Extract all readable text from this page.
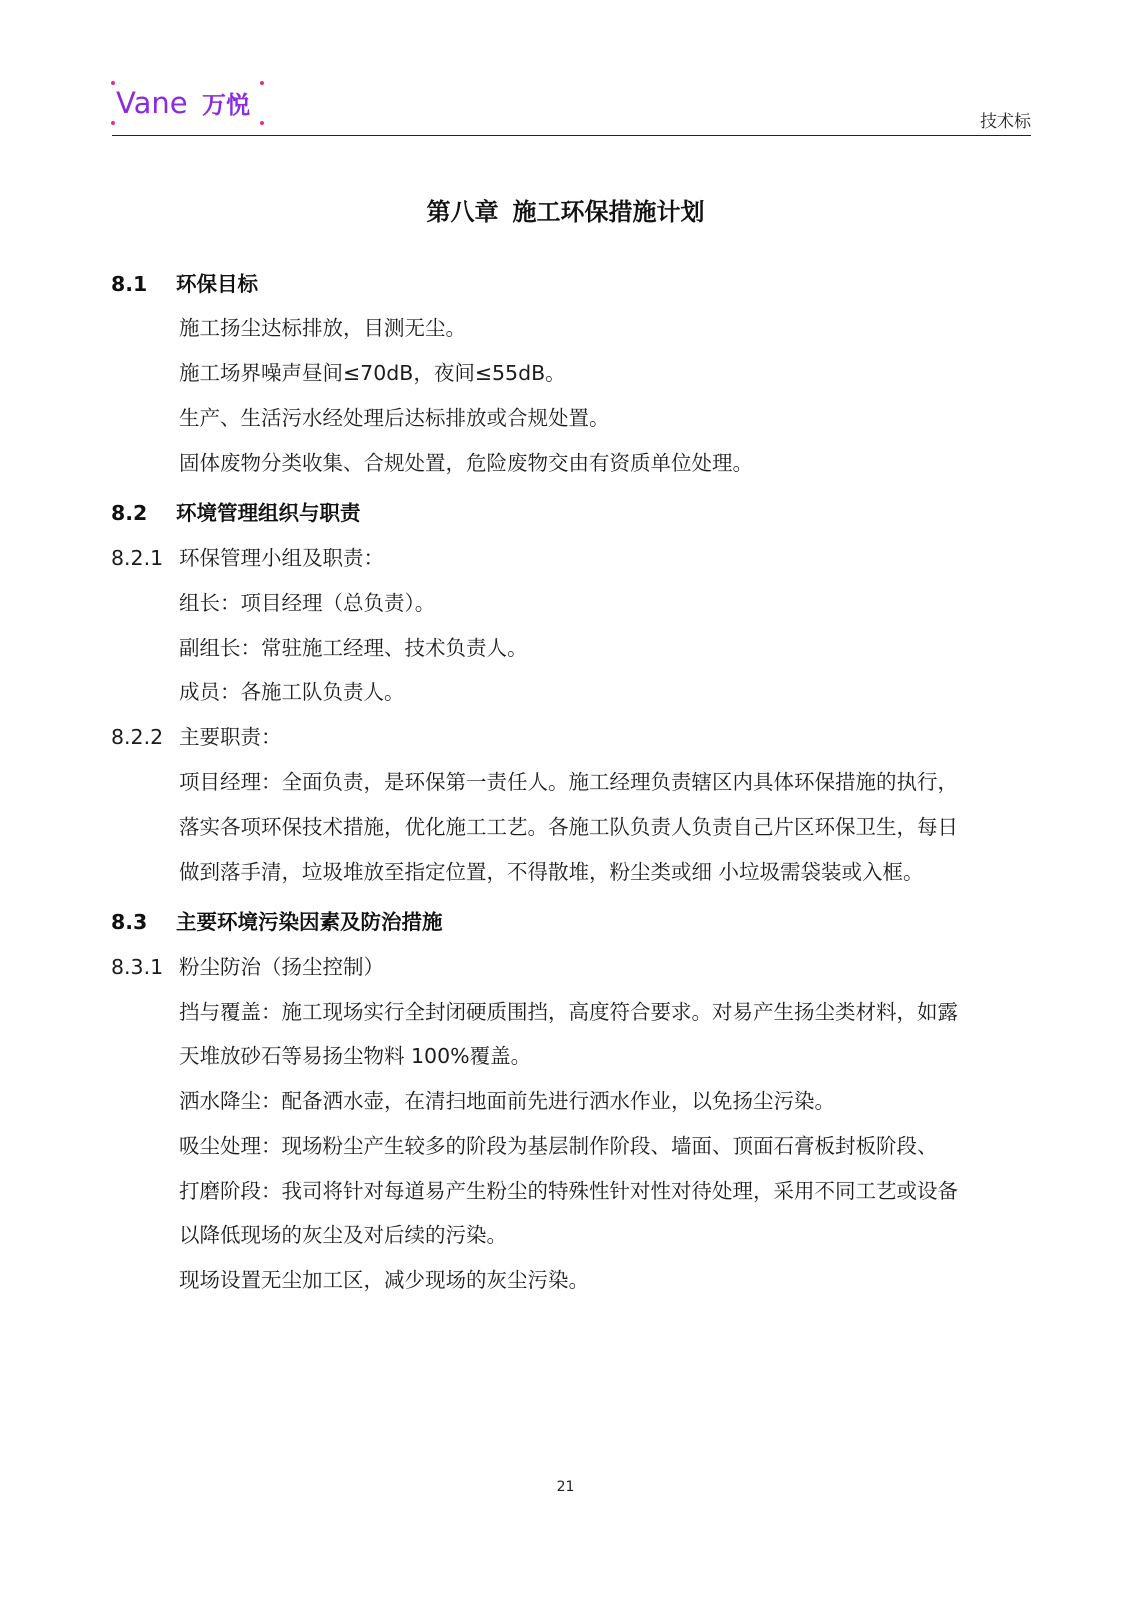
Vane 万悦
技术标
第八章 施工环保措施计划
8.1 环保目标
施工扬尘达标排放，目测无尘。
施工场界噪声昼间≤70dB，夜间≤55dB。
生产、生活污水经处理后达标排放或合规处置。
固体废物分类收集、合规处置，危险废物交由有资质单位处理。
8.2 环境管理组织与职责
8.2.1 环保管理小组及职责：
组长：项目经理（总负责）。
副组长：常驻施工经理、技术负责人。
成员：各施工队负责人。
8.2.2 主要职责：
项目经理：全面负责，是环保第一责任人。施工经理负责辖区内具体环保措施的执行，
落实各项环保技术措施，优化施工工艺。各施工队负责人负责自己片区环保卫生，每日
做到落手清，垃圾堆放至指定位置，不得散堆，粉尘类或细 小垃圾需袋装或入框。
8.3 主要环境污染因素及防治措施
8.3.1 粉尘防治（扬尘控制）
挡与覆盖：施工现场实行全封闭硬质围挡，高度符合要求。对易产生扬尘类材料，如露
天堆放砂石等易扬尘物料 100%覆盖。
洒水降尘：配备洒水壶，在清扫地面前先进行洒水作业，以免扬尘污染。
吸尘处理：现场粉尘产生较多的阶段为基层制作阶段、墙面、顶面石膏板封板阶段、
打磨阶段：我司将针对每道易产生粉尘的特殊性针对性对待处理，采用不同工艺或设备
以降低现场的灰尘及对后续的污染。
现场设置无尘加工区，减少现场的灰尘污染。
21
